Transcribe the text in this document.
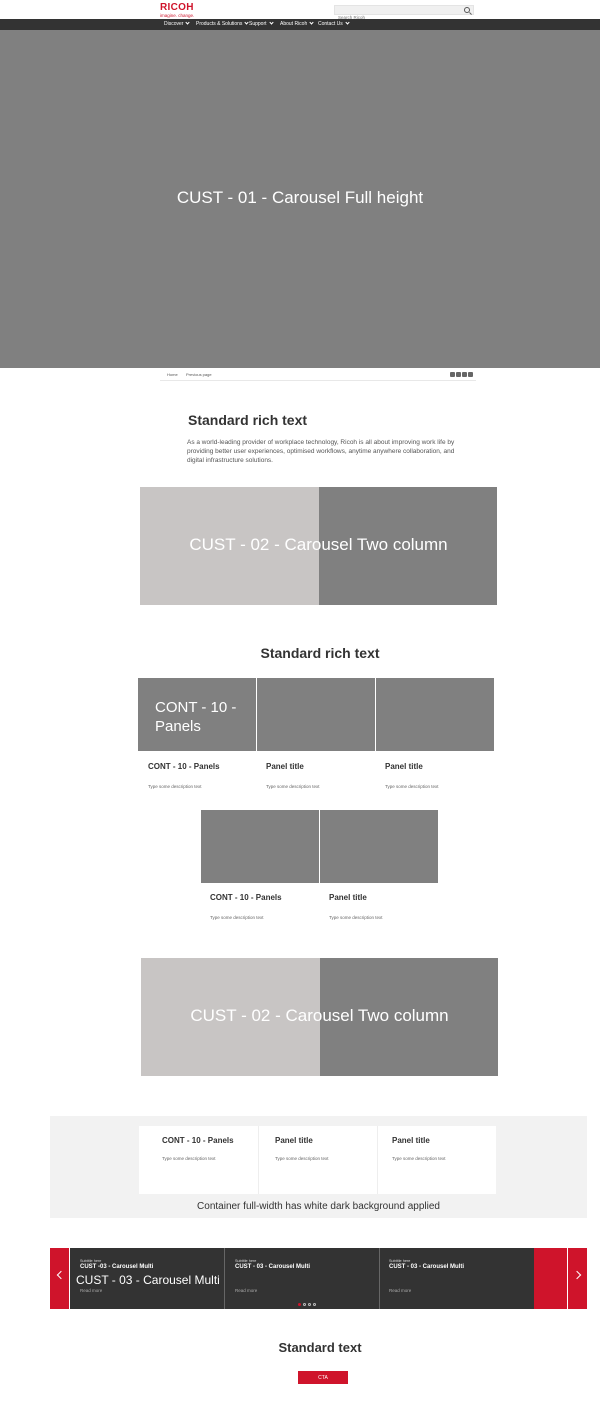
RICOH
imagine. change.
Search Ricoh
Discover	Products & Solutions	Support	About Ricoh	Contact Us
CUST - 01 - Carousel Full height
Home Previous page
Standard rich text
As a world-leading provider of workplace technology, Ricoh is all about improving work life by providing better user experiences, optimised workflows, anytime anywhere collaboration, and digital infrastructure solutions.
CUST - 02 - Carousel Two column
Standard rich text
CONT - 10 - Panels
CONT - 10 - Panels	Panel title	Panel title
Type some description text	Type some description text	Type some description text
CONT - 10 - Panels	Panel title
Type some description text	Type some description text
CUST - 02 - Carousel Two column
CONT - 10 - Panels	Panel title	Panel title
Type some description text	Type some description text	Type some description text
Container full-width has white dark background applied
Subtitle here
CUST -03 - Carousel Multi
CUST - 03 - Carousel Multi
Read more
Subtitle here
CUST - 03 - Carousel Multi
Read more
Subtitle here
CUST - 03 - Carousel Multi
Read more
Standard text
CTA
